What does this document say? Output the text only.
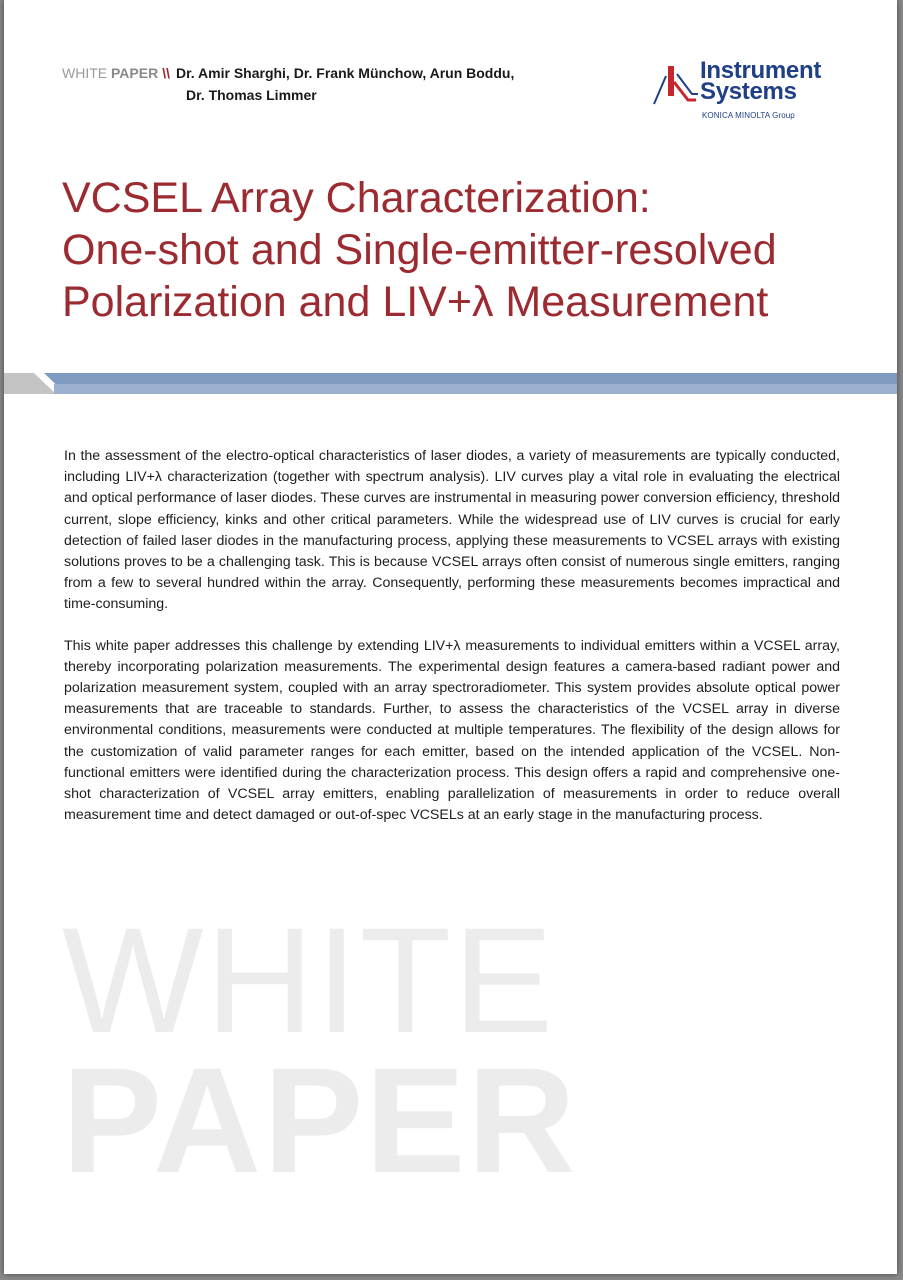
WHITE PAPER \\ Dr. Amir Sharghi, Dr. Frank Münchow, Arun Boddu,
Dr. Thomas Limmer
Instrument
Systems
KONICA MINOLTA Group
VCSEL Array Characterization:
One-shot and Single-emitter-resolved
Polarization and LIV+λ Measurement

In the assessment of the electro-optical characteristics of laser diodes, a variety of measurements are typically conducted, including LIV+λ characterization (together with spectrum analysis). LIV curves play a vital role in evaluating the electrical and optical performance of laser diodes. These curves are instrumental in measuring power conversion efficiency, threshold current, slope efficiency, kinks and other critical parameters. While the widespread use of LIV curves is crucial for early detection of failed laser diodes in the manufacturing process, applying these measurements to VCSEL arrays with existing solutions proves to be a challenging task. This is because VCSEL arrays often consist of numerous single emitters, ranging from a few to several hundred within the array. Consequently, performing these measurements becomes impractical and time-consuming.

This white paper addresses this challenge by extending LIV+λ measurements to individual emitters within a VCSEL array, thereby incorporating polarization measurements. The experimental design features a camera-based radiant power and polarization measurement system, coupled with an array spectroradiometer. This system provides absolute optical power measurements that are traceable to standards. Further, to assess the characteristics of the VCSEL array in diverse environmental conditions, measurements were conducted at multiple temperatures. The flexibility of the design allows for the customization of valid parameter ranges for each emitter, based on the intended application of the VCSEL. Non-functional emitters were identified during the characterization process. This design offers a rapid and comprehensive one-shot characterization of VCSEL array emitters, enabling parallelization of measurements in order to reduce overall measurement time and detect damaged or out-of-spec VCSELs at an early stage in the manufacturing process.

WHITE
PAPER
